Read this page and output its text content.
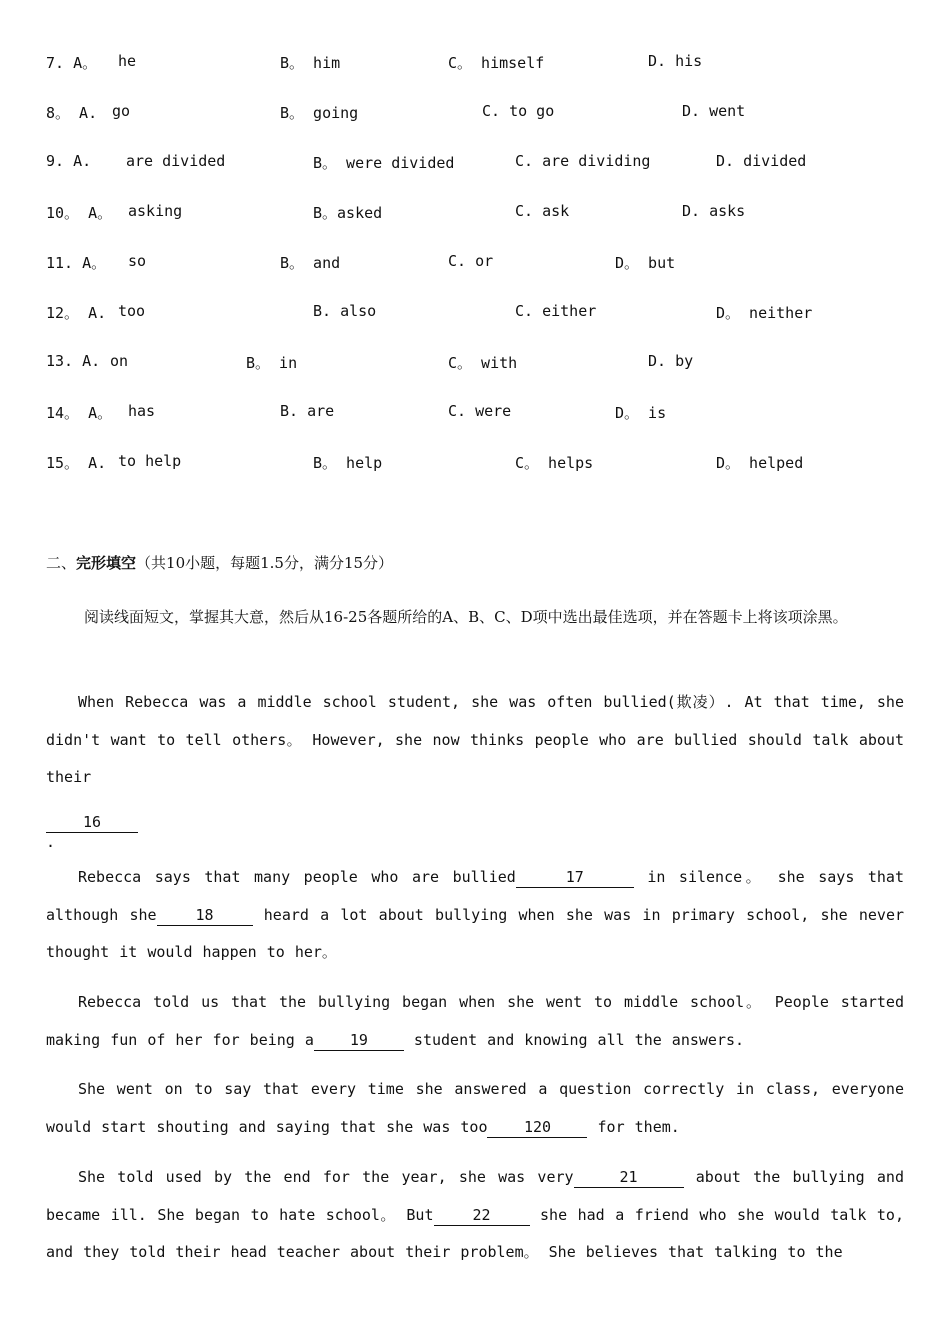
7. A。 he	B。 him	C。 himself	D. his
8。 A. go	B。 going	C. to go	D. went
9. A. are divided	B。 were divided	C. are dividing	D. divided
10。 A。 asking	B。asked	C. ask	D. asks
11. A。 so	B。 and	C. or	D。 but
12。 A. too	B. also	C. either	D。 neither
13. A. on	B。 in	C。 with	D. by
14。 A。 has	B. are	C. were	D。 is
15。 A. to help	B。 help	C。 helps	D。 helped
二、完形填空（共10小题，每题1.5分，满分15分）

阅读线面短文，掌握其大意，然后从16-25各题所给的A、B、C、D项中选出最佳选项，并在答题卡上将该项涂黑。

When Rebecca was a middle school student, she was often bullied(欺凌）. At that time, she didn't want to tell others。 However, she now thinks people who are bullied should talk about their

16.

Rebecca says that many people who are bullied	17	in silence。 she says that although she	18	heard a lot about bullying when she was in primary school, she never thought it would happen to her。

Rebecca told us that the bullying began when she went to middle school。 People started making fun of her for being a 19 student and knowing all the answers.

She went on to say that every time she answered a question correctly in class, everyone would start shouting and saying that she was too 120 for them.

She told used by the end for the year, she was very	21	about the bullying and became ill. She began to hate school。 But	22	she had a friend who she would talk to, and they told their head teacher about their problem。 She believes that talking to the
